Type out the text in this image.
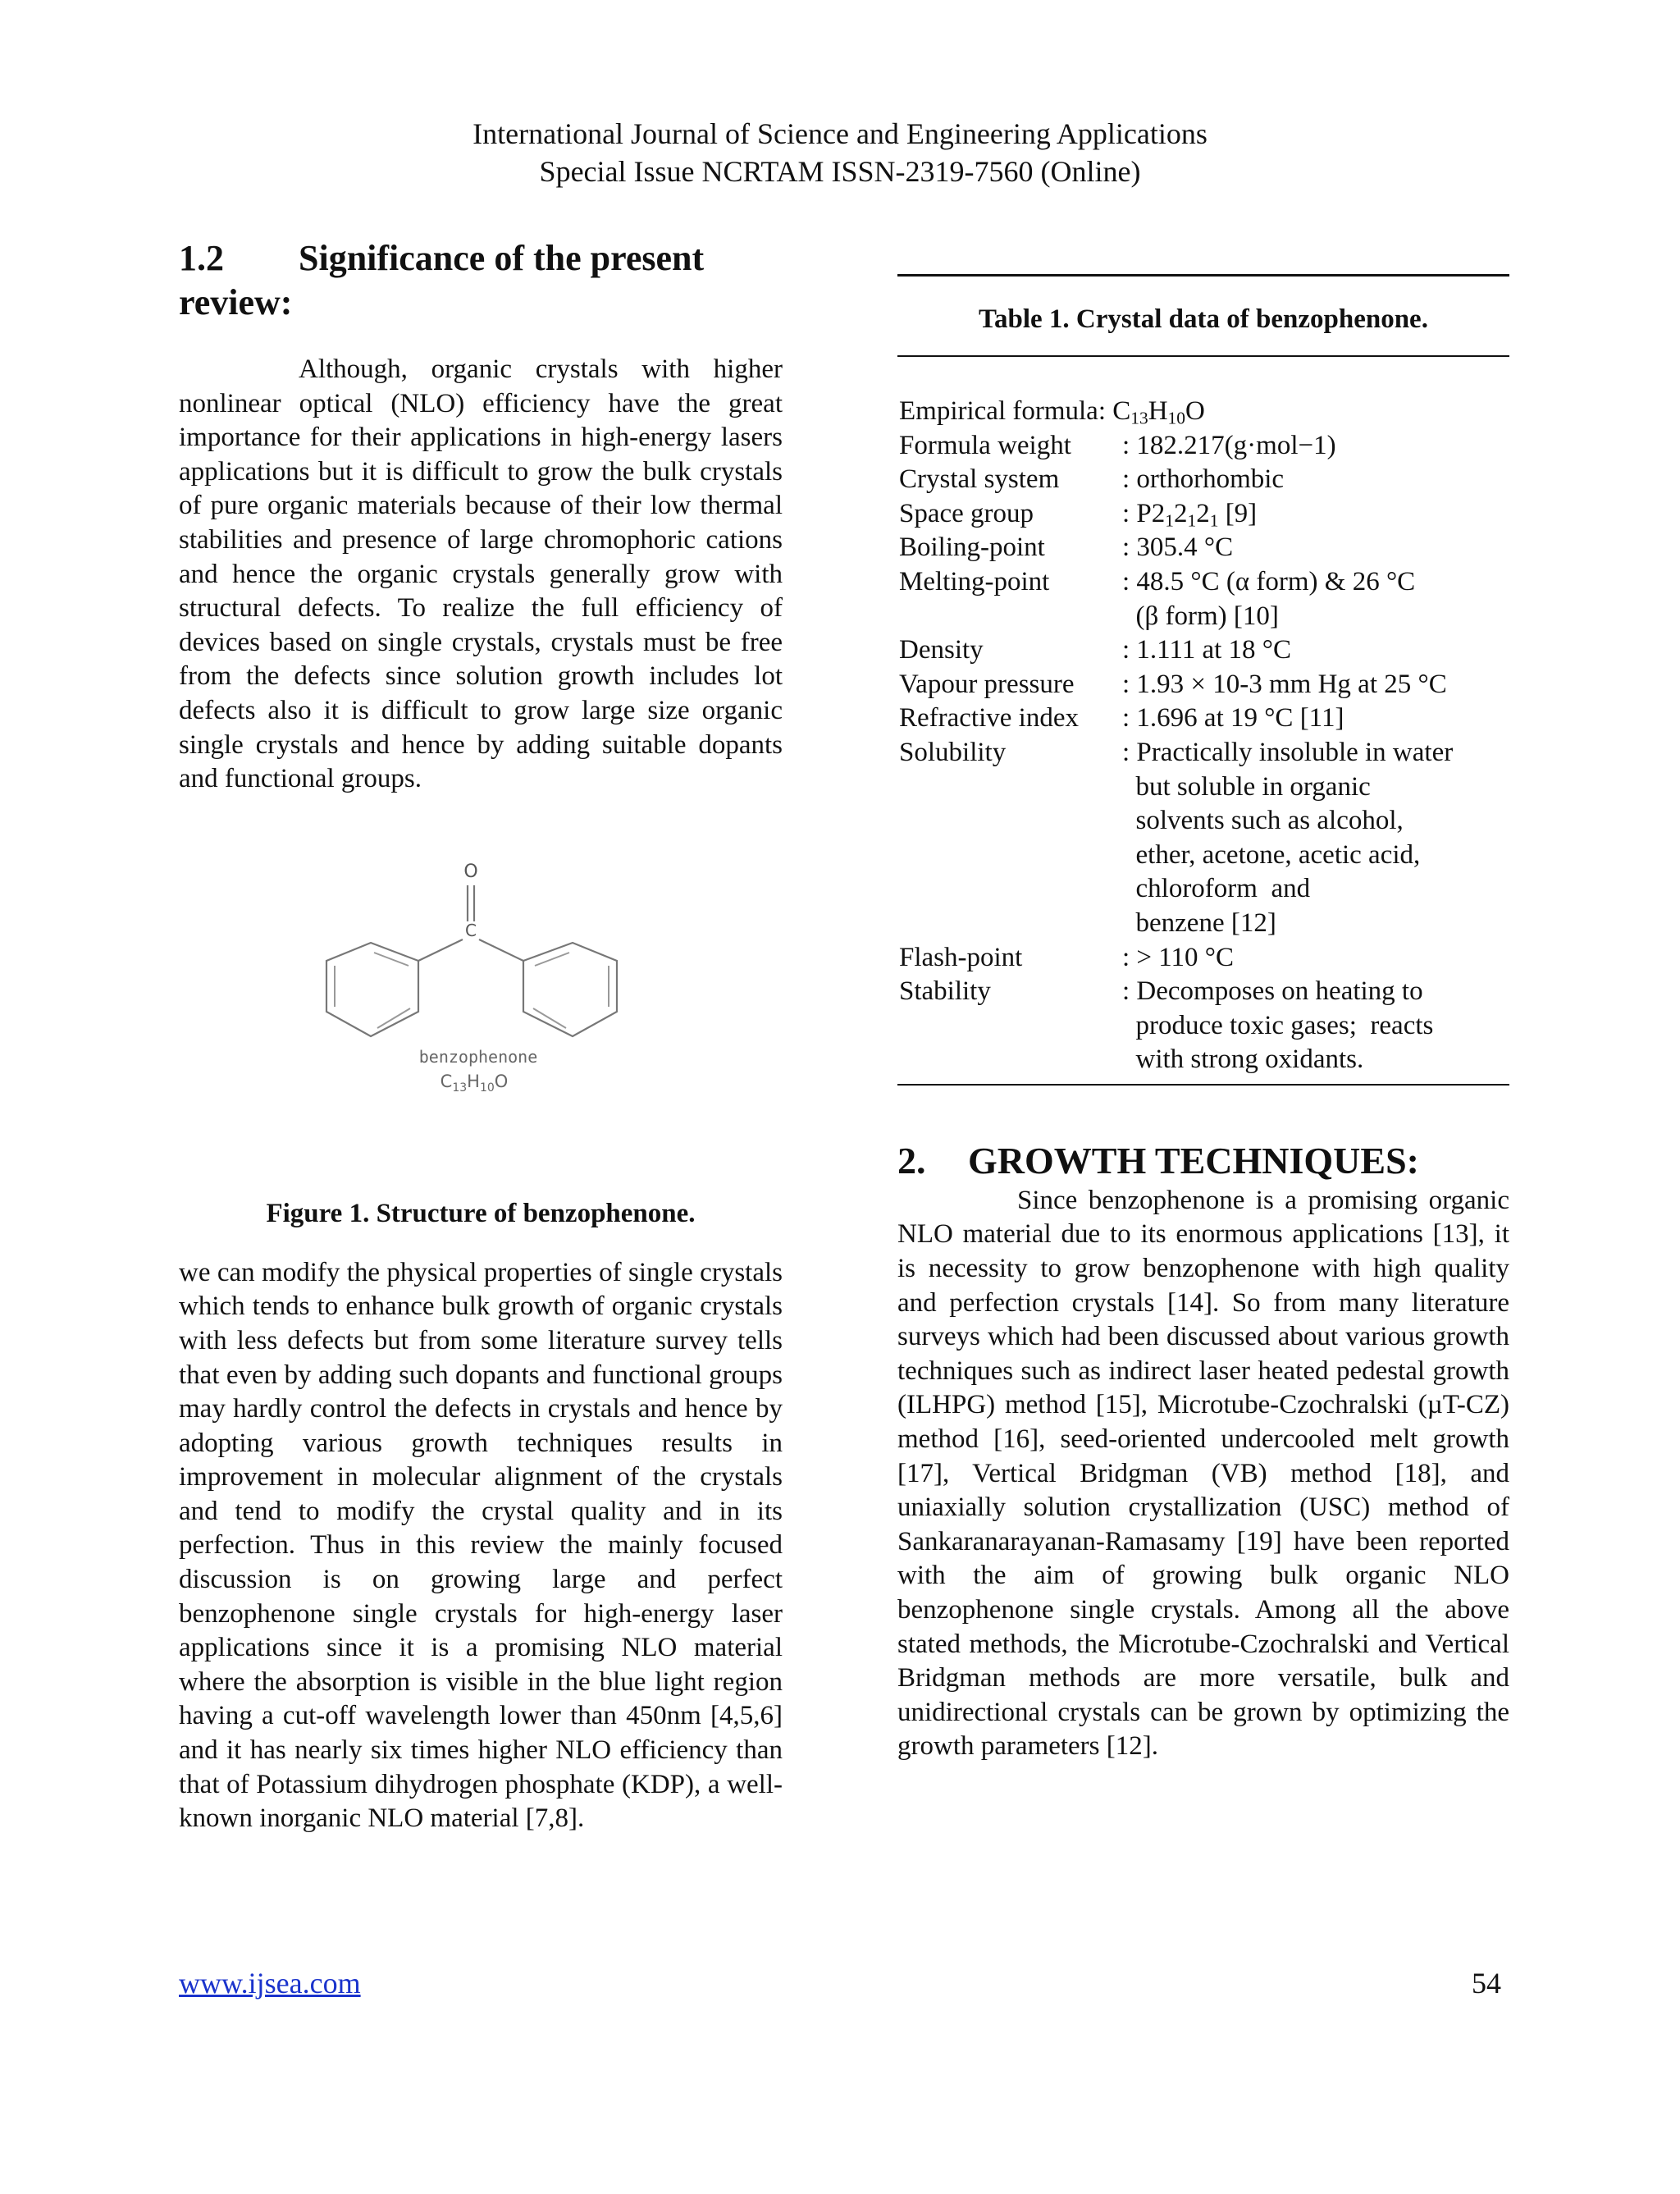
International Journal of Science and Engineering Applications
Special Issue NCRTAM ISSN-2319-7560 (Online)
1.2 Significance of the present
review:

Although, organic crystals with higher nonlinear optical (NLO) efficiency have the great importance for their applications in high-energy lasers applications but it is difficult to grow the bulk crystals of pure organic materials because of their low thermal stabilities and presence of large chromophoric cations and hence the organic crystals generally grow with structural defects. To realize the full efficiency of devices based on single crystals, crystals must be free from the defects since solution growth includes lot defects also it is difficult to grow large size organic single crystals and hence by adding suitable dopants and functional groups.

O
C
benzophenone
$C_{13}H_{10}O$

Figure 1. Structure of benzophenone.

we can modify the physical properties of single crystals which tends to enhance bulk growth of organic crystals with less defects but from some literature survey tells that even by adding such dopants and functional groups may hardly control the defects in crystals and hence by adopting various growth techniques results in improvement in molecular alignment of the crystals and tend to modify the crystal quality and in its perfection. Thus in this review the mainly focused discussion is on growing large and perfect benzophenone single crystals for high-energy laser applications since it is a promising NLO material where the absorption is visible in the blue light region having a cut-off wavelength lower than 450nm [4,5,6] and it has nearly six times higher NLO efficiency than that of Potassium dihydrogen phosphate (KDP), a well-known inorganic NLO material [7,8].

Table 1. Crystal data of benzophenone.
Empirical formula : $C_{13}H_{10}O$
Formula weight	: 182.217(g·mol−1)
Crystal system	: orthorhombic
Space group	: $P2_12_12_1$ [9]
Boiling-point	: 305.4 °C
Melting-point	: 48.5 °C (α form) & 26 °C
(β form) [10]
Density	: 1.111 at 18 °C
Vapour pressure	: 1.93 × 10-3 mm Hg at 25 °C
Refractive index	: 1.696 at 19 °C [11]
Solubility	: Practically insoluble in water
but soluble in organic
solvents such as alcohol,
ether, acetone, acetic acid,
chloroform  and
benzene [12]
Flash-point	: > 110 °C
Stability	: Decomposes on heating to
produce toxic gases;  reacts
with strong oxidants.
2. GROWTH TECHNIQUES:

Since benzophenone is a promising organic NLO material due to its enormous applications [13], it is necessity to grow benzophenone with high quality and perfection crystals [14]. So from many literature surveys which had been discussed about various growth techniques such as indirect laser heated pedestal growth (ILHPG) method [15], Microtube-Czochralski (µT-CZ) method [16], seed-oriented undercooled melt growth [17], Vertical Bridgman (VB) method [18], and uniaxially solution crystallization (USC) method of Sankaranarayanan-Ramasamy [19] have been reported with the aim of growing bulk organic NLO benzophenone single crystals. Among all the above stated methods, the Microtube-Czochralski and Vertical Bridgman methods are more versatile, bulk and unidirectional crystals can be grown by optimizing the growth parameters [12].

www.ijsea.com	54
